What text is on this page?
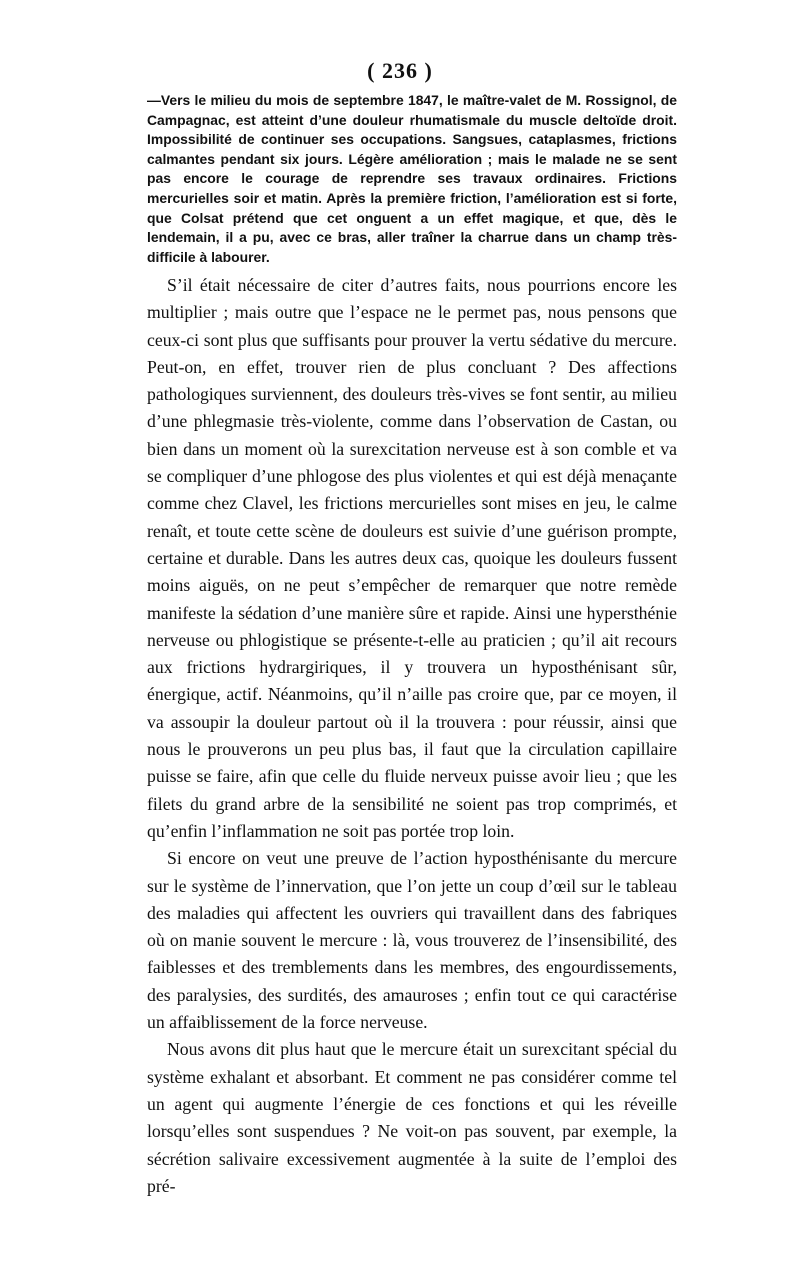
( 236 )

—Vers le milieu du mois de septembre 1847, le maître-valet de M. Rossignol, de Campagnac, est atteint d’une douleur rhumatismale du muscle deltoïde droit. Impossibilité de continuer ses occupations. Sangsues, cataplasmes, frictions calmantes pendant six jours. Légère amélioration ; mais le malade ne se sent pas encore le courage de reprendre ses travaux ordinaires. Frictions mercurielles soir et matin. Après la première friction, l’amélioration est si forte, que Colsat prétend que cet onguent a un effet magique, et que, dès le lendemain, il a pu, avec ce bras, aller traîner la charrue dans un champ très-difficile à labourer.

S’il était nécessaire de citer d’autres faits, nous pourrions encore les multiplier ; mais outre que l’espace ne le permet pas, nous pensons que ceux-ci sont plus que suffisants pour prouver la vertu sédative du mercure. Peut-on, en effet, trouver rien de plus concluant ? Des affections pathologiques surviennent, des douleurs très-vives se font sentir, au milieu d’une phlegmasie très-violente, comme dans l’observation de Castan, ou bien dans un moment où la surexcitation nerveuse est à son comble et va se compliquer d’une phlogose des plus violentes et qui est déjà menaçante comme chez Clavel, les frictions mercurielles sont mises en jeu, le calme renaît, et toute cette scène de douleurs est suivie d’une guérison prompte, certaine et durable. Dans les autres deux cas, quoique les douleurs fussent moins aiguës, on ne peut s’empêcher de remarquer que notre remède manifeste la sédation d’une manière sûre et rapide. Ainsi une hypersthénie nerveuse ou phlogistique se présente-t-elle au praticien ; qu’il ait recours aux frictions hydrargiriques, il y trouvera un hyposthénisant sûr, énergique, actif. Néanmoins, qu’il n’aille pas croire que, par ce moyen, il va assoupir la douleur partout où il la trouvera : pour réussir, ainsi que nous le prouverons un peu plus bas, il faut que la circulation capillaire puisse se faire, afin que celle du fluide nerveux puisse avoir lieu ; que les filets du grand arbre de la sensibilité ne soient pas trop comprimés, et qu’enfin l’inflammation ne soit pas portée trop loin.

Si encore on veut une preuve de l’action hyposthénisante du mercure sur le système de l’innervation, que l’on jette un coup d’œil sur le tableau des maladies qui affectent les ouvriers qui travaillent dans des fabriques où on manie souvent le mercure : là, vous trouverez de l’insensibilité, des faiblesses et des tremblements dans les membres, des engourdissements, des paralysies, des surdités, des amauroses ; enfin tout ce qui caractérise un affaiblissement de la force nerveuse.

Nous avons dit plus haut que le mercure était un surexcitant spécial du système exhalant et absorbant. Et comment ne pas considérer comme tel un agent qui augmente l’énergie de ces fonctions et qui les réveille lorsqu’elles sont suspendues ? Ne voit-on pas souvent, par exemple, la sécrétion salivaire excessivement augmentée à la suite de l’emploi des pré-
